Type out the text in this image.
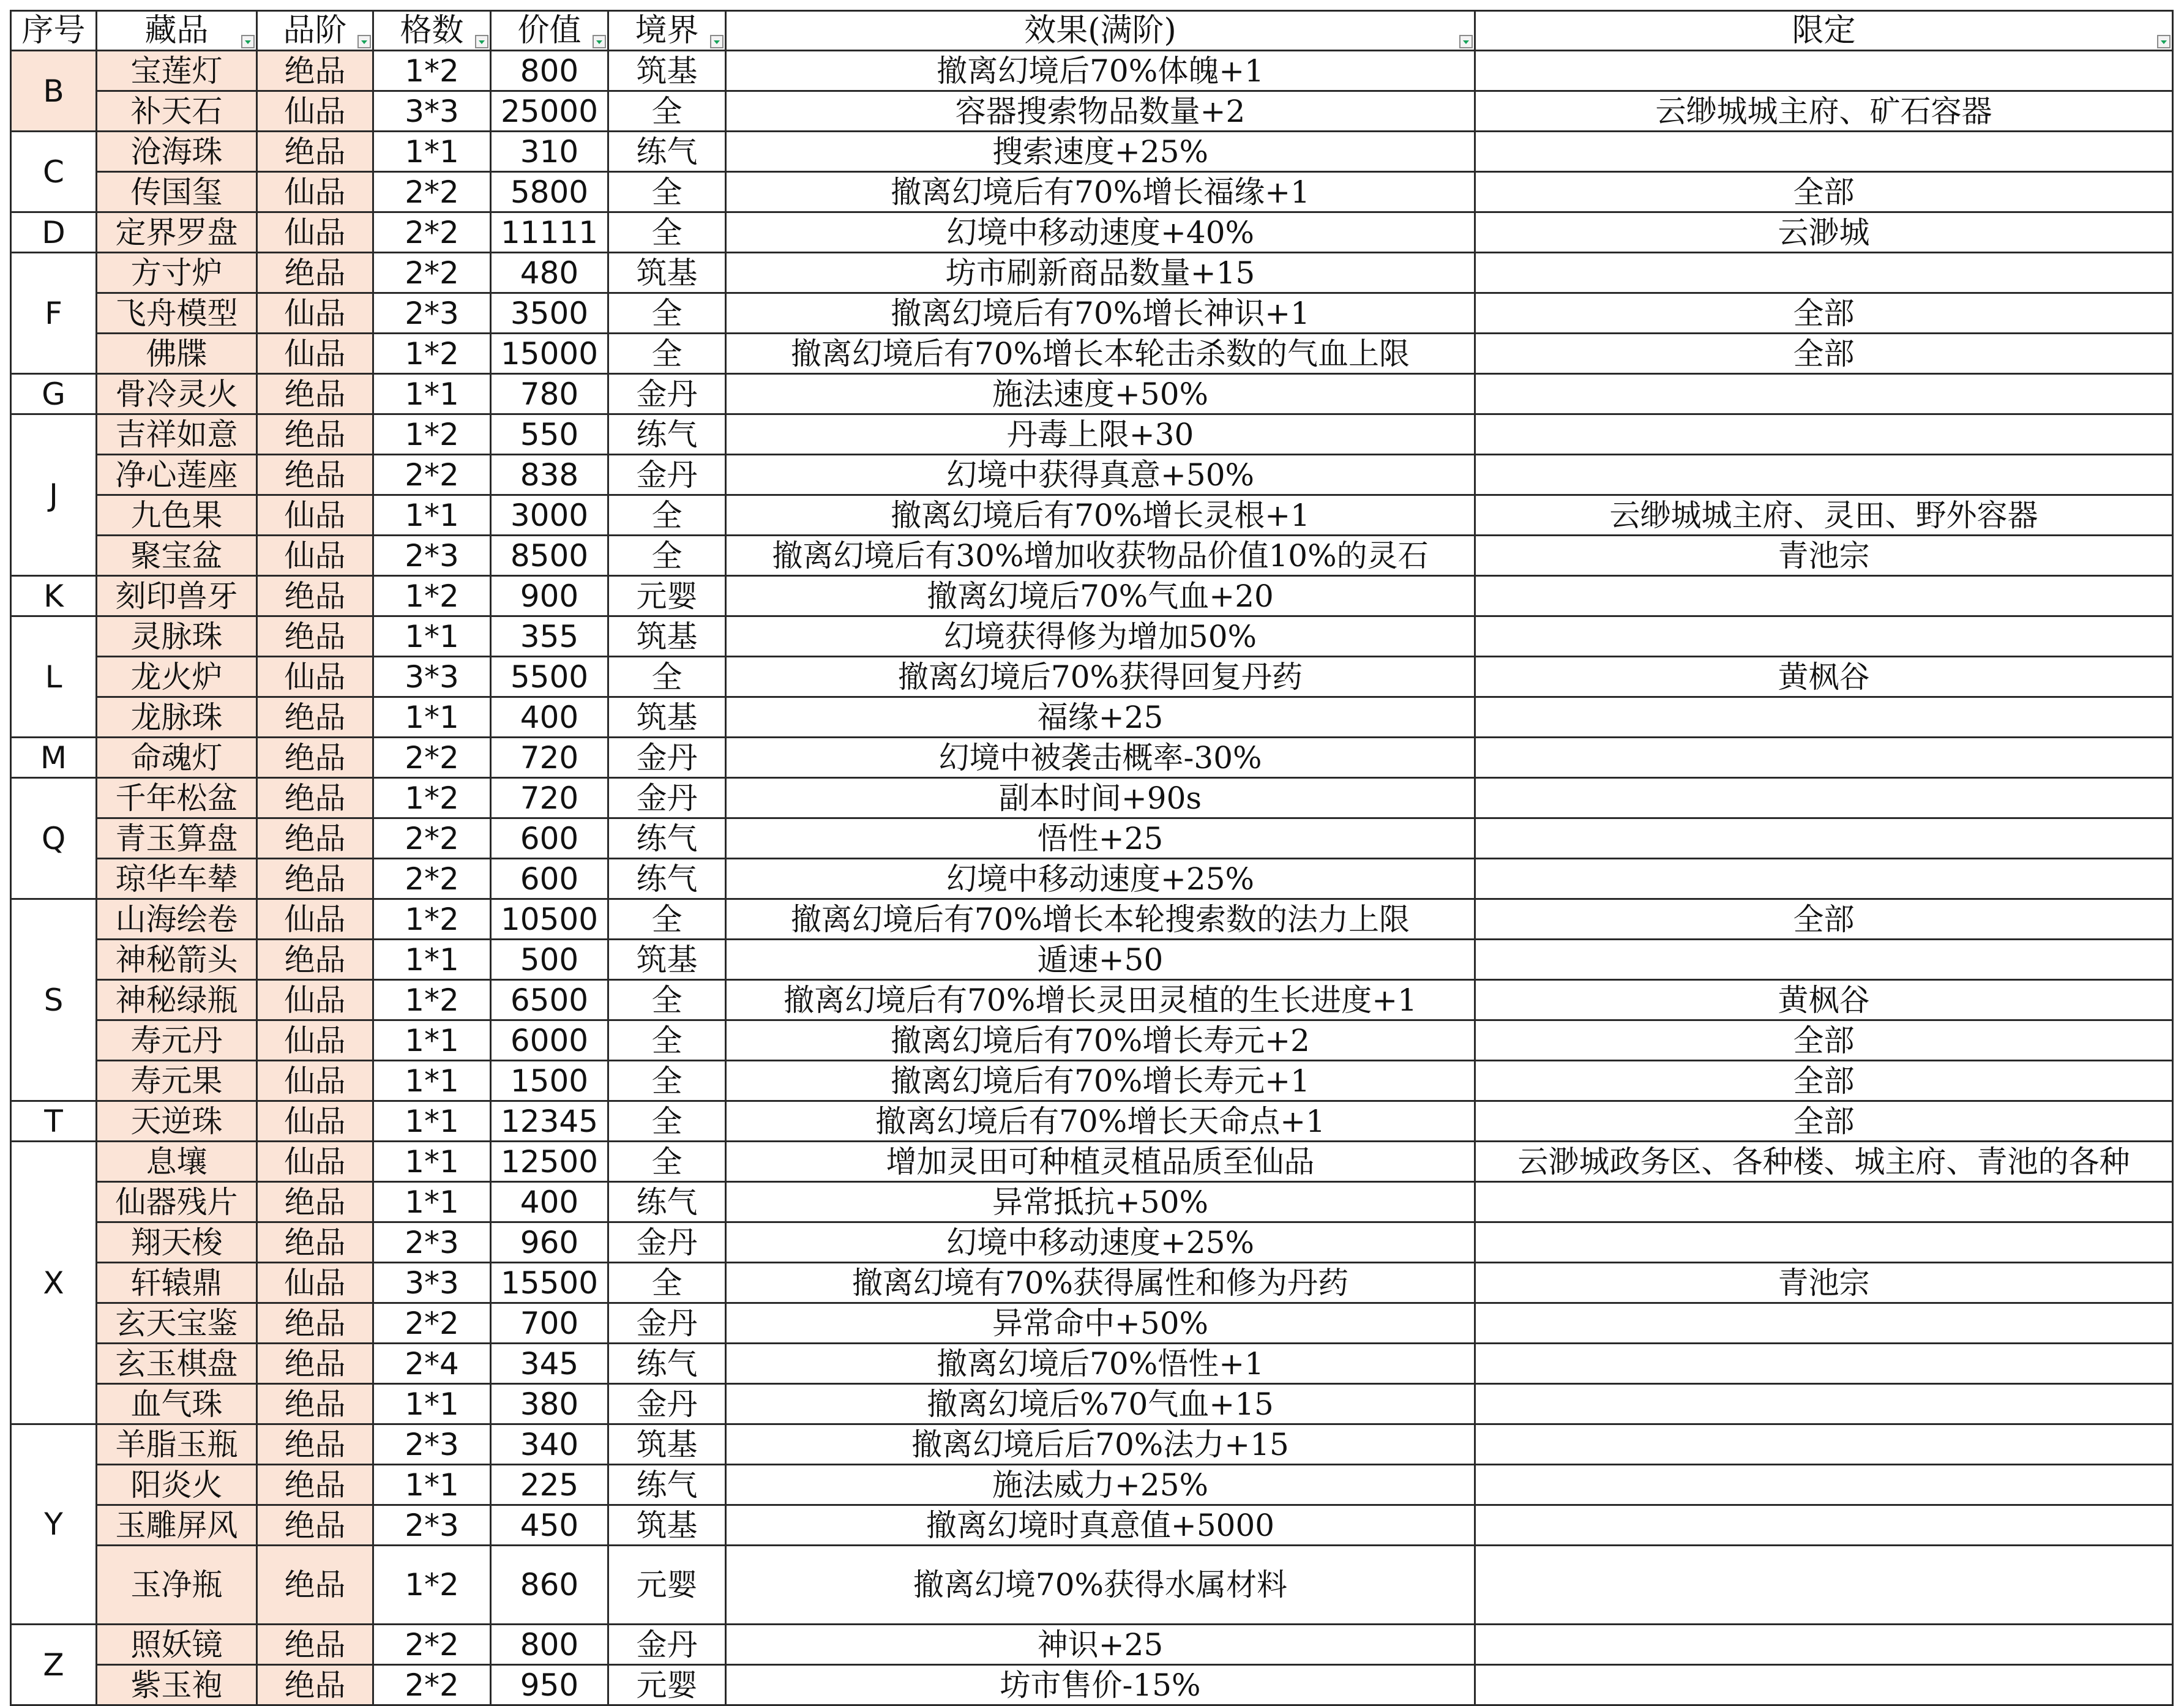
序号	藏品	品阶	格数	价值	境界	效果(满阶)	限定

B	宝莲灯	绝品	1*2	800	筑基	撤离幻境后70%体魄+1	
	补天石	仙品	3*3	25000	全	容器搜索物品数量+2	云缈城城主府、矿石容器
C	沧海珠	绝品	1*1	310	练气	搜索速度+25%	
	传国玺	仙品	2*2	5800	全	撤离幻境后有70%增长福缘+1	全部
D	定界罗盘	仙品	2*2	11111	全	幻境中移动速度+40%	云渺城
F	方寸炉	绝品	2*2	480	筑基	坊市刷新商品数量+15	
	飞舟模型	仙品	2*3	3500	全	撤离幻境后有70%增长神识+1	全部
	佛牒	仙品	1*2	15000	全	撤离幻境后有70%增长本轮击杀数的气血上限	全部
G	骨冷灵火	绝品	1*1	780	金丹	施法速度+50%	
J	吉祥如意	绝品	1*2	550	练气	丹毒上限+30	
	净心莲座	绝品	2*2	838	金丹	幻境中获得真意+50%	
	九色果	仙品	1*1	3000	全	撤离幻境后有70%增长灵根+1	云缈城城主府、灵田、野外容器
	聚宝盆	仙品	2*3	8500	全	撤离幻境后有30%增加收获物品价值10%的灵石	青池宗
K	刻印兽牙	绝品	1*2	900	元婴	撤离幻境后70%气血+20	
L	灵脉珠	绝品	1*1	355	筑基	幻境获得修为增加50%	
	龙火炉	仙品	3*3	5500	全	撤离幻境后70%获得回复丹药	黄枫谷
	龙脉珠	绝品	1*1	400	筑基	福缘+25	
M	命魂灯	绝品	2*2	720	金丹	幻境中被袭击概率-30%	
Q	千年松盆	绝品	1*2	720	金丹	副本时间+90s	
	青玉算盘	绝品	2*2	600	练气	悟性+25	
	琼华车辇	绝品	2*2	600	练气	幻境中移动速度+25%	
S	山海绘卷	仙品	1*2	10500	全	撤离幻境后有70%增长本轮搜索数的法力上限	全部
	神秘箭头	绝品	1*1	500	筑基	遁速+50	
	神秘绿瓶	仙品	1*2	6500	全	撤离幻境后有70%增长灵田灵植的生长进度+1	黄枫谷
	寿元丹	仙品	1*1	6000	全	撤离幻境后有70%增长寿元+2	全部
	寿元果	仙品	1*1	1500	全	撤离幻境后有70%增长寿元+1	全部
T	天逆珠	仙品	1*1	12345	全	撤离幻境后有70%增长天命点+1	全部
X	息壤	仙品	1*1	12500	全	增加灵田可种植灵植品质至仙品	云渺城政务区、各种楼、城主府、青池的各种
	仙器残片	绝品	1*1	400	练气	异常抵抗+50%	
	翔天梭	绝品	2*3	960	金丹	幻境中移动速度+25%	
	轩辕鼎	仙品	3*3	15500	全	撤离幻境有70%获得属性和修为丹药	青池宗
	玄天宝鉴	绝品	2*2	700	金丹	异常命中+50%	
	玄玉棋盘	绝品	2*4	345	练气	撤离幻境后70%悟性+1	
	血气珠	绝品	1*1	380	金丹	撤离幻境后%70气血+15	
Y	羊脂玉瓶	绝品	2*3	340	筑基	撤离幻境后后70%法力+15	
	阳炎火	绝品	1*1	225	练气	施法威力+25%	
	玉雕屏风	绝品	2*3	450	筑基	撤离幻境时真意值+5000	
	玉净瓶	绝品	1*2	860	元婴	撤离幻境70%获得水属材料	
Z	照妖镜	绝品	2*2	800	金丹	神识+25	
	紫玉袍	绝品	2*2	950	元婴	坊市售价-15%	
